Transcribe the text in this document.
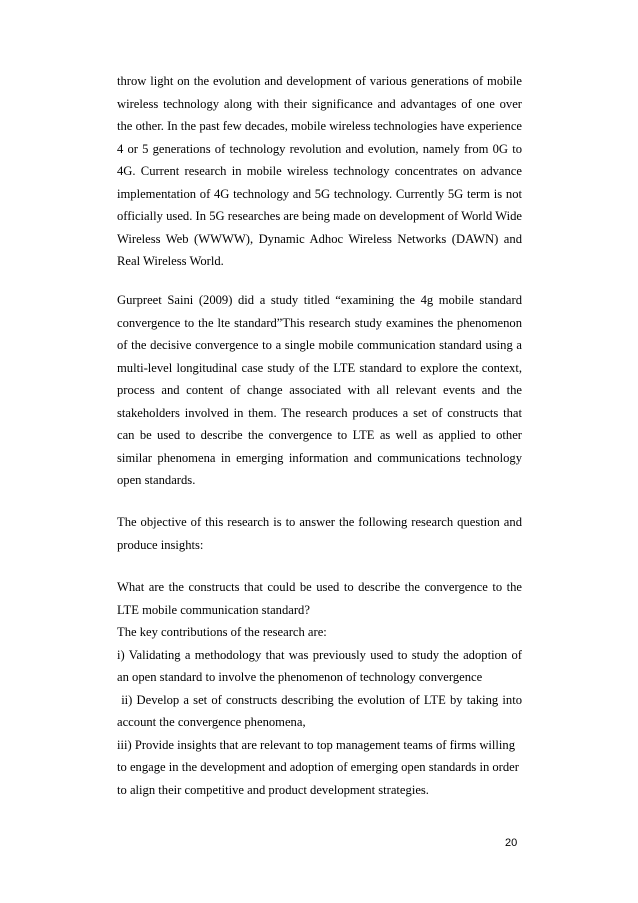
throw light on the evolution and development of various generations of mobile wireless technology along with their significance and advantages of one over the other. In the past few decades, mobile wireless technologies have experience 4 or 5 generations of technology revolution and evolution, namely from 0G to 4G. Current research in mobile wireless technology concentrates on advance implementation of 4G technology and 5G technology. Currently 5G term is not officially used. In 5G researches are being made on development of World Wide Wireless Web (WWWW), Dynamic Adhoc Wireless Networks (DAWN) and Real Wireless World.

Gurpreet Saini (2009) did a study titled “examining the 4g mobile standard convergence to the lte standard”This research study examines the phenomenon of the decisive convergence to a single mobile communication standard using a multi-level longitudinal case study of the LTE standard to explore the context, process and content of change associated with all relevant events and the stakeholders involved in them. The research produces a set of constructs that can be used to describe the convergence to LTE as well as applied to other similar phenomena in emerging information and communications technology open standards.

The objective of this research is to answer the following research question and produce insights:

What are the constructs that could be used to describe the convergence to the LTE mobile communication standard?
The key contributions of the research are:
i) Validating a methodology that was previously used to study the adoption of an open standard to involve the phenomenon of technology convergence
ii) Develop a set of constructs describing the evolution of LTE by taking into account the convergence phenomena,
iii) Provide insights that are relevant to top management teams of firms willing to engage in the development and adoption of emerging open standards in order to align their competitive and product development strategies.
20
